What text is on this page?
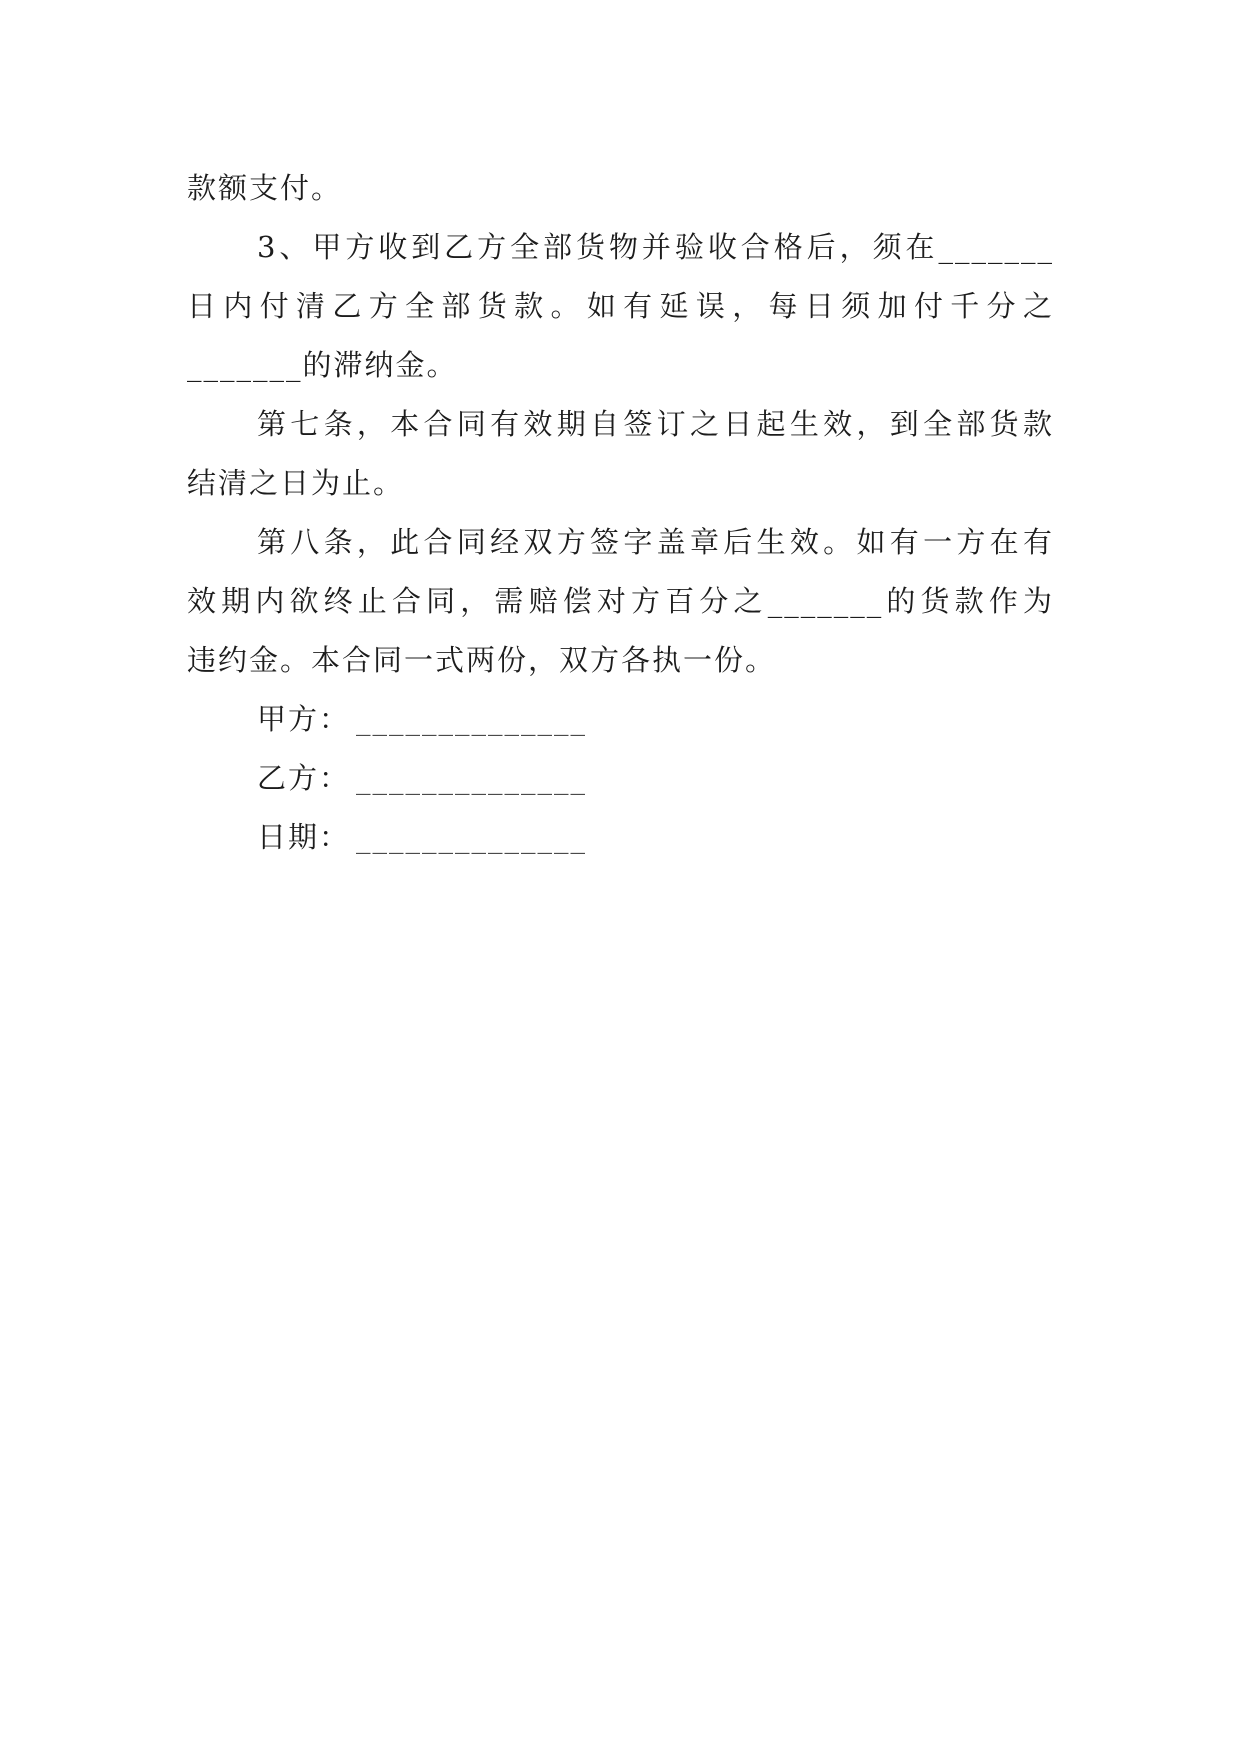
款额支付。
3、甲方收到乙方全部货物并验收合格后，须在_______
日内付清乙方全部货款。如有延误，每日须加付千分之
_______的滞纳金。
第七条，本合同有效期自签订之日起生效，到全部货款
结清之日为止。
第八条，此合同经双方签字盖章后生效。如有一方在有
效期内欲终止合同，需赔偿对方百分之_______的货款作为
违约金。本合同一式两份，双方各执一份。
甲方： ______________
乙方： ______________
日期： ______________
